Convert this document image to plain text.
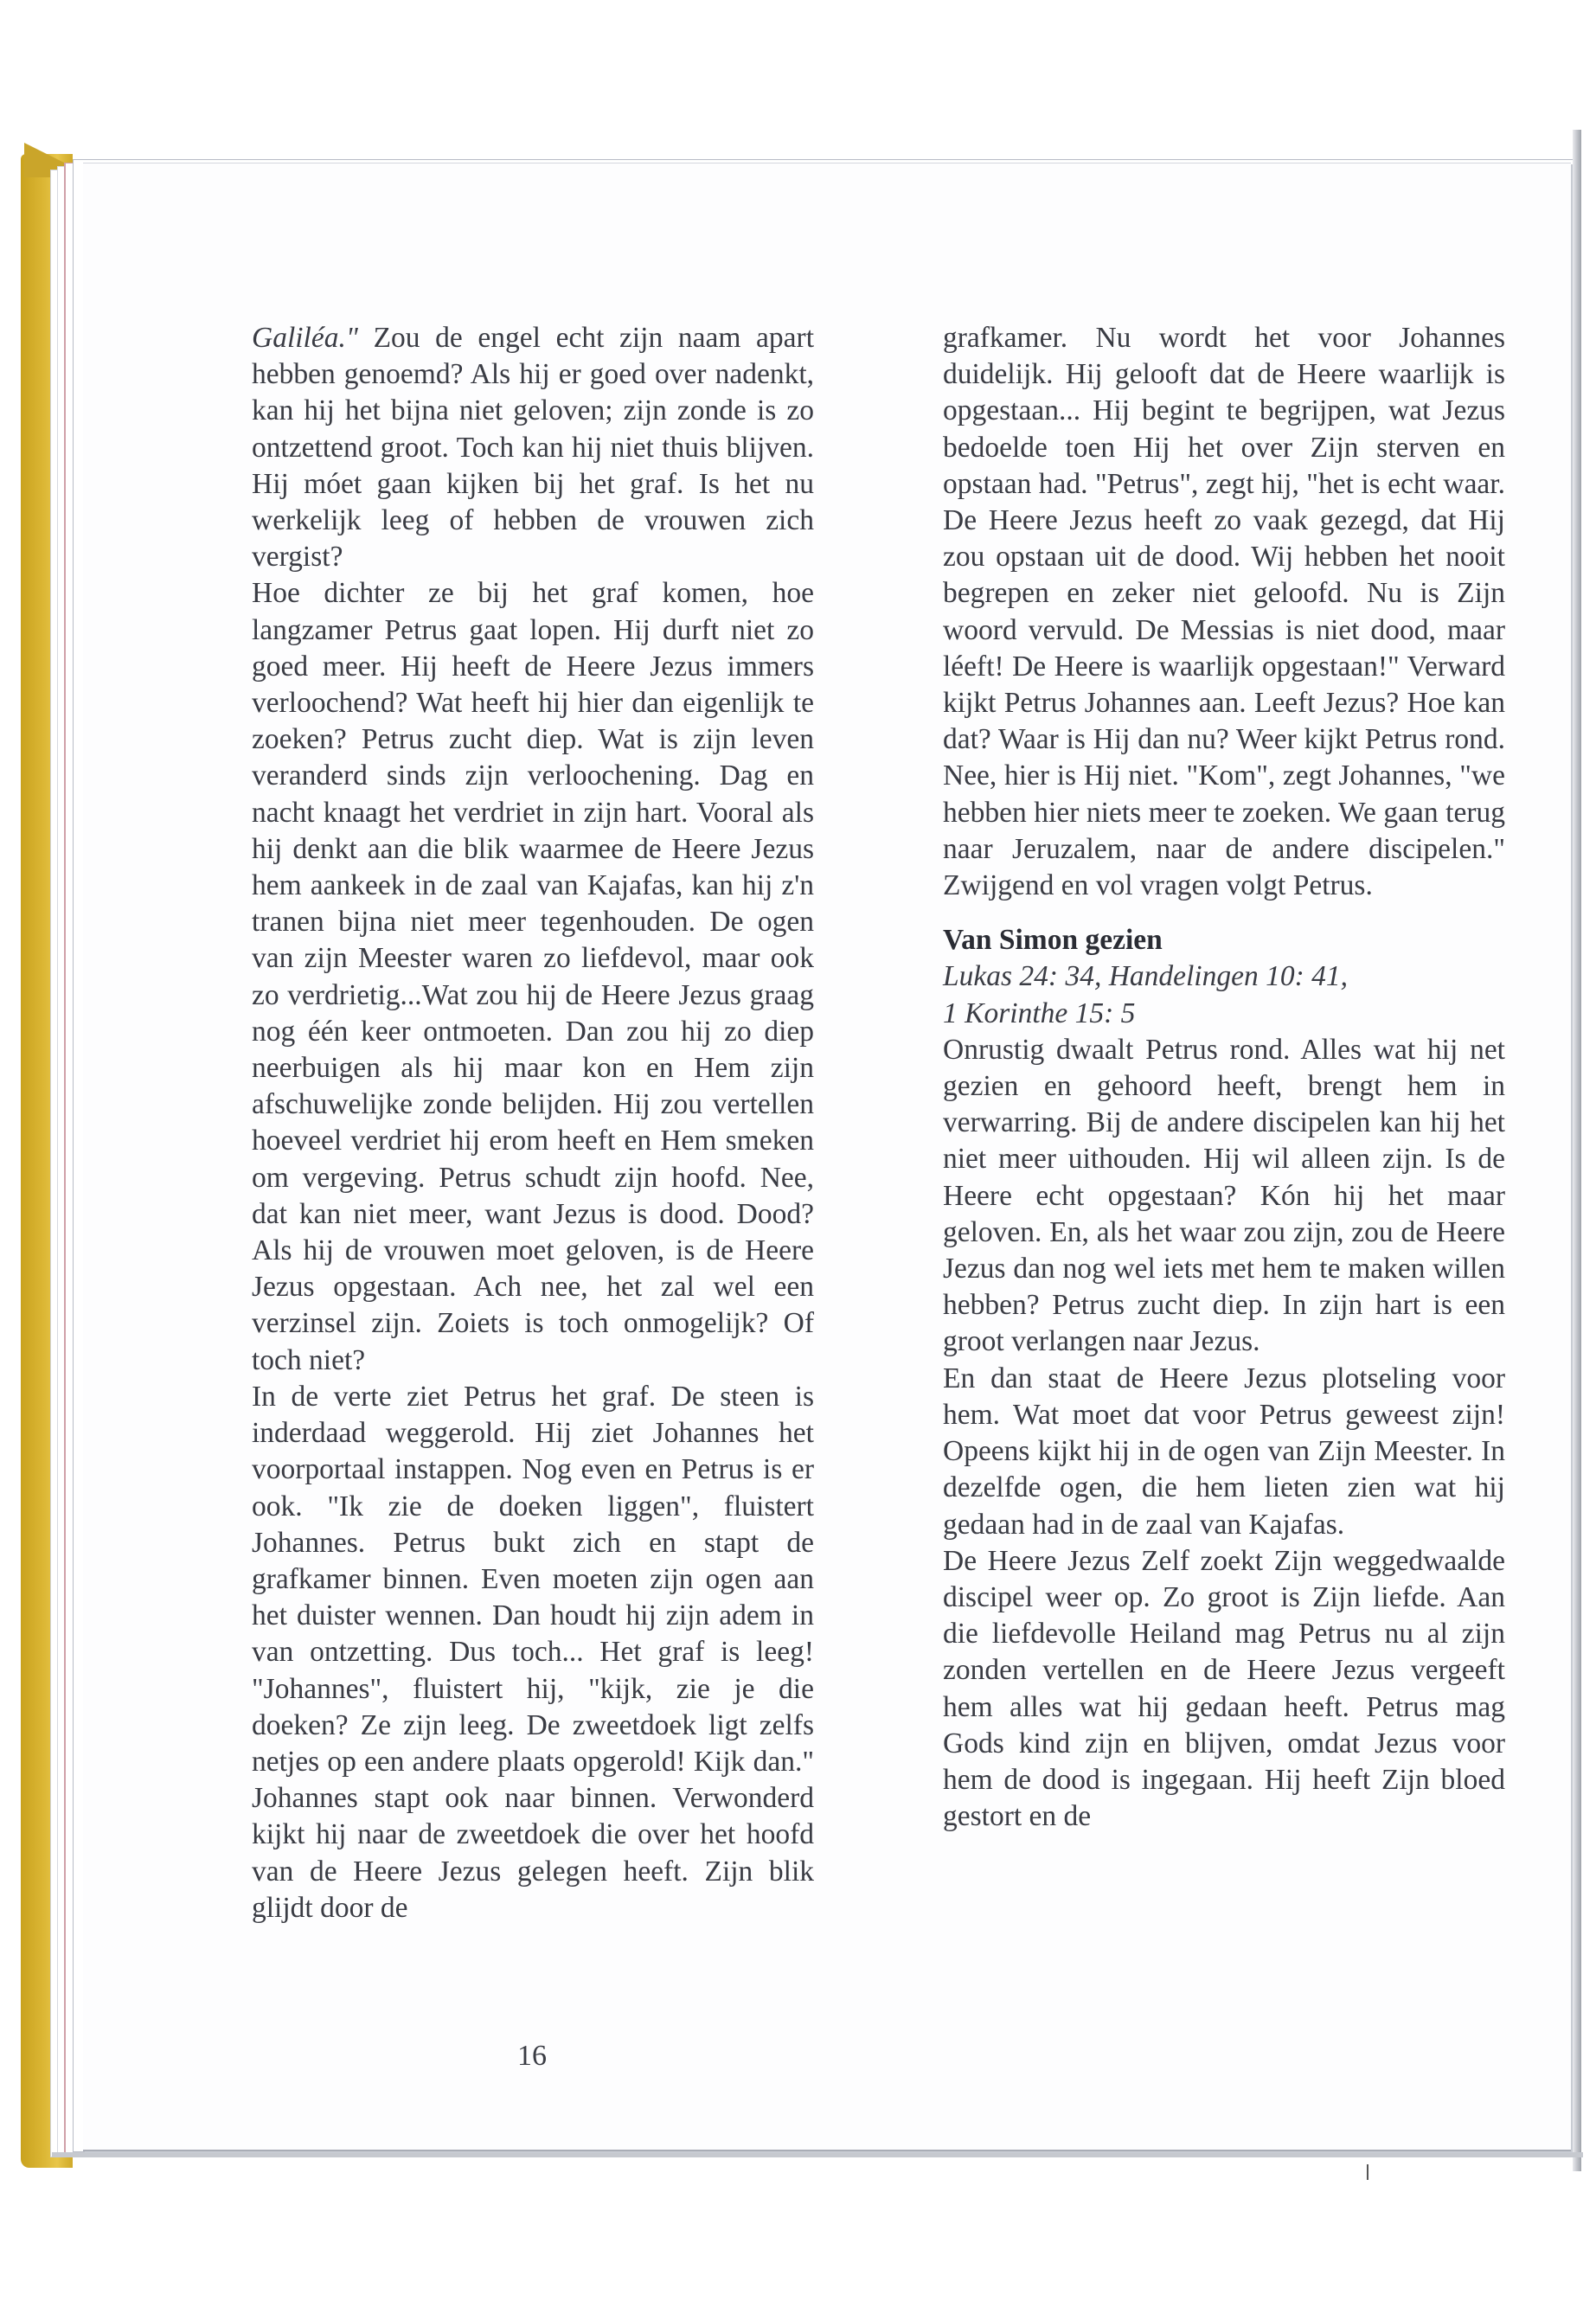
Galiléa." Zou de engel echt zijn naam apart hebben genoemd? Als hij er goed over nadenkt, kan hij het bijna niet geloven; zijn zonde is zo ontzettend groot. Toch kan hij niet thuis blijven. Hij móet gaan kijken bij het graf. Is het nu werkelijk leeg of hebben de vrouwen zich vergist?

Hoe dichter ze bij het graf komen, hoe langzamer Petrus gaat lopen. Hij durft niet zo goed meer. Hij heeft de Heere Jezus immers verloochend? Wat heeft hij hier dan eigenlijk te zoeken? Petrus zucht diep. Wat is zijn leven veranderd sinds zijn verloochening. Dag en nacht knaagt het verdriet in zijn hart. Vooral als hij denkt aan die blik waarmee de Heere Jezus hem aankeek in de zaal van Kajafas, kan hij z'n tranen bijna niet meer tegenhouden. De ogen van zijn Meester waren zo liefdevol, maar ook zo verdrietig...Wat zou hij de Heere Jezus graag nog één keer ontmoeten. Dan zou hij zo diep neerbuigen als hij maar kon en Hem zijn afschuwelijke zonde belijden. Hij zou vertellen hoeveel verdriet hij erom heeft en Hem smeken om vergeving. Petrus schudt zijn hoofd. Nee, dat kan niet meer, want Jezus is dood. Dood? Als hij de vrouwen moet geloven, is de Heere Jezus opgestaan. Ach nee, het zal wel een verzinsel zijn. Zoiets is toch onmogelijk? Of toch niet?

In de verte ziet Petrus het graf. De steen is inderdaad weggerold. Hij ziet Johannes het voorportaal instappen. Nog even en Petrus is er ook. "Ik zie de doeken liggen", fluistert Johannes. Petrus bukt zich en stapt de grafkamer binnen. Even moeten zijn ogen aan het duister wennen. Dan houdt hij zijn adem in van ontzetting. Dus toch... Het graf is leeg! "Johannes", fluistert hij, "kijk, zie je die doeken? Ze zijn leeg. De zweetdoek ligt zelfs netjes op een andere plaats opgerold! Kijk dan." Johannes stapt ook naar binnen. Verwonderd kijkt hij naar de zweetdoek die over het hoofd van de Heere Jezus gelegen heeft. Zijn blik glijdt door de

grafkamer. Nu wordt het voor Johannes duidelijk. Hij gelooft dat de Heere waarlijk is opgestaan... Hij begint te begrijpen, wat Jezus bedoelde toen Hij het over Zijn sterven en opstaan had. "Petrus", zegt hij, "het is echt waar. De Heere Jezus heeft zo vaak gezegd, dat Hij zou opstaan uit de dood. Wij hebben het nooit begrepen en zeker niet geloofd. Nu is Zijn woord vervuld. De Messias is niet dood, maar léeft! De Heere is waarlijk opgestaan!" Verward kijkt Petrus Johannes aan. Leeft Jezus? Hoe kan dat? Waar is Hij dan nu? Weer kijkt Petrus rond. Nee, hier is Hij niet. "Kom", zegt Johannes, "we hebben hier niets meer te zoeken. We gaan terug naar Jeruzalem, naar de andere discipelen." Zwijgend en vol vragen volgt Petrus.

Van Simon gezien

Lukas 24: 34, Handelingen 10: 41,
1 Korinthe 15: 5

Onrustig dwaalt Petrus rond. Alles wat hij net gezien en gehoord heeft, brengt hem in verwarring. Bij de andere discipelen kan hij het niet meer uithouden. Hij wil alleen zijn. Is de Heere echt opgestaan? Kón hij het maar geloven. En, als het waar zou zijn, zou de Heere Jezus dan nog wel iets met hem te maken willen hebben? Petrus zucht diep. In zijn hart is een groot verlangen naar Jezus.

En dan staat de Heere Jezus plotseling voor hem. Wat moet dat voor Petrus geweest zijn! Opeens kijkt hij in de ogen van Zijn Meester. In dezelfde ogen, die hem lieten zien wat hij gedaan had in de zaal van Kajafas.

De Heere Jezus Zelf zoekt Zijn weggedwaalde discipel weer op. Zo groot is Zijn liefde. Aan die liefdevolle Heiland mag Petrus nu al zijn zonden vertellen en de Heere Jezus vergeeft hem alles wat hij gedaan heeft. Petrus mag Gods kind zijn en blijven, omdat Jezus voor hem de dood is ingegaan. Hij heeft Zijn bloed gestort en de

16
